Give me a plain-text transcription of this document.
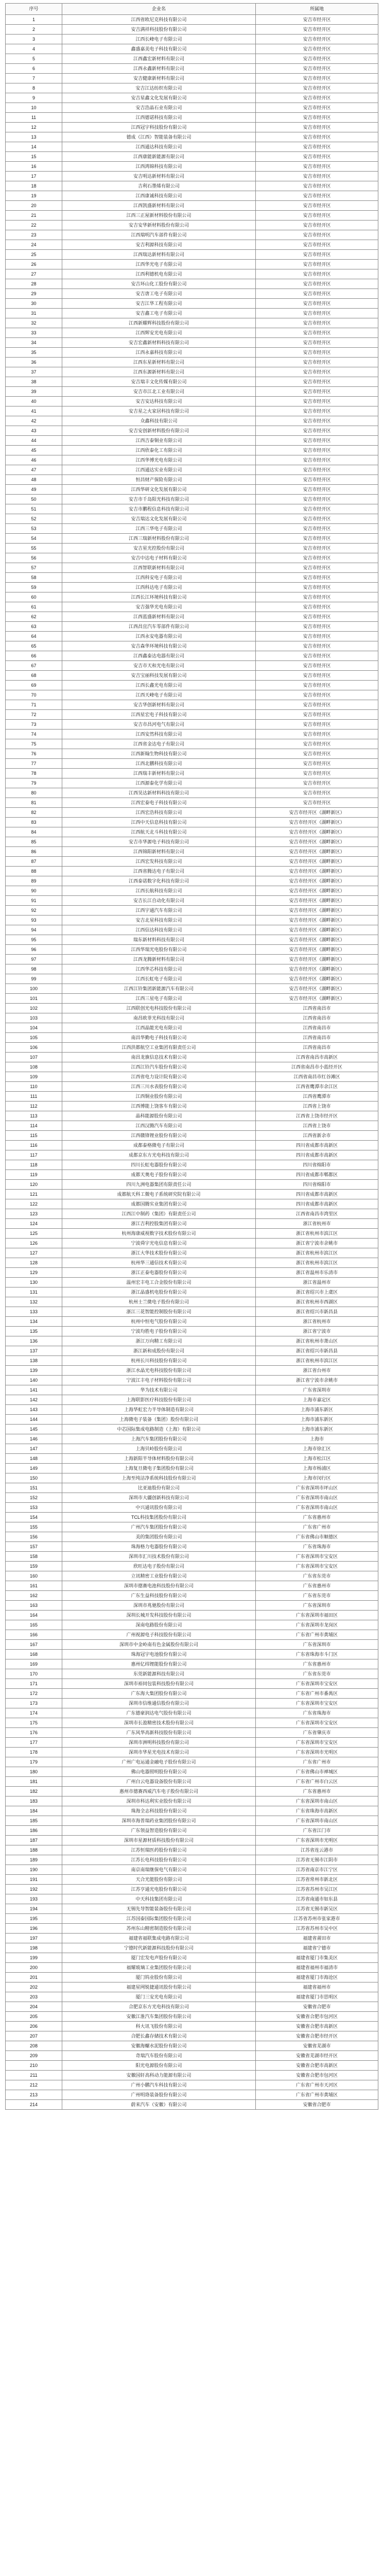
序号	企业名	所属地
1	江西省欧尼克科技有限公司	安吉市经开区
2	安吉满祥科技股份有限公司	安吉市经开区
3	江西长峰电子有限公司	安吉市经开区
4	鑫盛嘉美电子科技有限公司	安吉市经开区
5	江西鑫宏新材料有限公司	安吉市经开区
6	江西永鑫新材料有限公司	安吉市经开区
7	安吉健康新材料有限公司	安吉市经开区
8	安吉江达纺织有限公司	安吉市经开区
9	安吉星鑫文化发展有限公司	安吉市经开区
10	安吉浩晶石业有限公司	安吉市经开区
11	江西德诺科技有限公司	安吉市经开区
12	江西冠宇科技股份有限公司	安吉市经开区
13	德成（江西）智能装备有限公司	安吉市经开区
14	江西通达科技有限公司	安吉市经开区
15	江西康能新能源有限公司	安吉市经开区
16	江西鸿锦科技有限公司	安吉市经开区
17	安吉明达新材料有限公司	安吉市经开区
18	吉利石墨烯有限公司	安吉市经开区
19	江西康诚科技有限公司	安吉市经开区
20	江西凯盛新材料有限公司	安吉市经开区
21	江西三正屋新材料股份有限公司	安吉市经开区
22	安吉安华新材料股份有限公司	安吉市经开区
23	江西瑞明汽车部件有限公司	安吉市经开区
24	安吉利源科技有限公司	安吉市经开区
25	江西瑞达新材料有限公司	安吉市经开区
26	江西华光电子有限公司	安吉市经开区
27	江西利德机电有限公司	安吉市经开区
28	安吉环山化工股份有限公司	安吉市经开区
29	安吉唐工电子有限公司	安吉市经开区
30	安吉江华工程有限公司	安吉市经开区
31	安吉鑫工电子有限公司	安吉市经开区
32	江西新耀辉科技股份有限公司	安吉市经开区
33	江西辉安光电有限公司	安吉市经开区
34	安吉宏鑫新材料科技有限公司	安吉市经开区
35	江西永嘉科技有限公司	安吉市经开区
36	江西东星新材料有限公司	安吉市经开区
37	江西东源新材料有限公司	安吉市经开区
38	安吉瑞丰文化传媒有限公司	安吉市经开区
39	安吉市江北工业有限公司	安吉市经开区
40	安吉安达科技有限公司	安吉市经开区
41	安吉星之火家居科技有限公司	安吉市经开区
42	众鑫科技有限公司	安吉市经开区
43	安吉安创新材料股份有限公司	安吉市经开区
44	江西吉泰铜业有限公司	安吉市经开区
45	江西欣泰化工有限公司	安吉市经开区
46	江西华博光电有限公司	安吉市经开区
47	江西通达实业有限公司	安吉市经开区
48	恒昌财产保险有限公司	安吉市经开区
49	江西华研文化发展有限公司	安吉市经开区
50	安吉市千岛阳光科技有限公司	安吉市经开区
51	安吉市鹏程信息科技有限公司	安吉市经开区
52	安吉瑞达文化发展有限公司	安吉市经开区
53	江西三华电子有限公司	安吉市经开区
54	江西三瑞新材料股份有限公司	安吉市经开区
55	安吉星光控股份有限公司	安吉市经开区
56	安吉中达电子材料有限公司	安吉市经开区
57	江西智联新材料有限公司	安吉市经开区
58	江西科安电子有限公司	安吉市经开区
59	江西科达电子有限公司	安吉市经开区
60	江西长江环境科技有限公司	安吉市经开区
61	安吉强华光电有限公司	安吉市经开区
62	江西蓝盛新材料有限公司	安吉市经开区
63	江西昌宜汽车零部件有限公司	安吉市经开区
64	江西永安电器有限公司	安吉市经开区
65	安吉森华环境科技有限公司	安吉市经开区
66	江西鑫泰达电器有限公司	安吉市经开区
67	安吉市天和光电有限公司	安吉市经开区
68	安吉宝丽科技发展有限公司	安吉市经开区
69	江西长鑫光电有限公司	安吉市经开区
70	江西天峰电子有限公司	安吉市经开区
71	安吉华创新材料有限公司	安吉市经开区
72	江西星宏电子科技有限公司	安吉市经开区
73	安吉市昌河电气有限公司	安吉市经开区
74	江西安然科技有限公司	安吉市经开区
75	江西省金达电子有限公司	安吉市经开区
76	江西新翰生物科技有限公司	安吉市经开区
77	江西北鹏科技有限公司	安吉市经开区
78	江西瑞丰新材料有限公司	安吉市经开区
79	江西源泰化学有限公司	安吉市经开区
80	江西昊达新材料科技有限公司	安吉市经开区
81	江西宏泰电子科技有限公司	安吉市经开区
82	江西宏浩科技有限公司	安吉市经开区（湖畔新区）
83	江西中天信息科技有限公司	安吉市经开区（湖畔新区）
84	江西航天北斗科技有限公司	安吉市经开区（湖畔新区）
85	安吉市华源电子科技有限公司	安吉市经开区（湖畔新区）
86	江西锦阳新材料有限公司	安吉市经开区（湖畔新区）
87	江西宏发科技有限公司	安吉市经开区（湖畔新区）
88	江西省腾达电子有限公司	安吉市经开区（湖畔新区）
89	江西泰诺数字化科技有限公司	安吉市经开区（湖畔新区）
90	江西长航科技有限公司	安吉市经开区（湖畔新区）
91	安吉长江自动化有限公司	安吉市经开区（湖畔新区）
92	江西宇通汽车有限公司	安吉市经开区（湖畔新区）
93	安吉北星科技有限公司	安吉市经开区（湖畔新区）
94	江西信达科技有限公司	安吉市经开区（湖畔新区）
95	瑞东新材料科技有限公司	安吉市经开区（湖畔新区）
96	江西华瑞光电股份有限公司	安吉市经开区（湖畔新区）
97	江西龙腾新材料有限公司	安吉市经开区（湖畔新区）
98	江西华芯科技有限公司	安吉市经开区（湖畔新区）
99	江西长虹电子有限公司	安吉市经开区（湖畔新区）
100	江西江铃集团新能源汽车有限公司	安吉市经开区（湖畔新区）
101	江西三星电子有限公司	安吉市经开区（湖畔新区）
102	江西联创光电科技股份有限公司	江西省南昌市
103	南昌欧菲光科技有限公司	江西省南昌市
104	江西晶能光电有限公司	江西省南昌市
105	南昌华勤电子科技有限公司	江西省南昌市
106	江西洪都航空工业集团有限责任公司	江西省南昌市
107	南昌龙旗信息技术有限公司	江西省南昌市高新区
108	江西江铃汽车股份有限公司	江西省南昌市小蓝经开区
109	江西省电力设计院有限公司	江西省南昌市红谷滩区
110	江西三川水表股份有限公司	江西省鹰潭市余江区
111	江西铜业股份有限公司	江西省鹰潭市
112	江西博能上饶客车有限公司	江西省上饶市
113	晶科能源股份有限公司	江西省上饶市经开区
114	江西汉腾汽车有限公司	江西省上饶市
115	江西赣锋锂业股份有限公司	江西省新余市
116	成都泰格微电子有限公司	四川省成都市高新区
117	成都京东方光电科技有限公司	四川省成都市高新区
118	四川长虹电器股份有限公司	四川省绵阳市
119	成都天奥电子股份有限公司	四川省成都市郫都区
120	四川九洲电器集团有限责任公司	四川省绵阳市
121	成都航天科工微电子系统研究院有限公司	四川省成都市高新区
122	成都国腾实业集团有限公司	四川省成都市高新区
123	江西江中制药（集团）有限责任公司	江西省南昌市湾里区
124	浙江吉利控股集团有限公司	浙江省杭州市
125	杭州海康威视数字技术股份有限公司	浙江省杭州市滨江区
126	宁波舜宇光电信息有限公司	浙江省宁波市余姚市
127	浙江大华技术股份有限公司	浙江省杭州市滨江区
128	杭州华三通信技术有限公司	浙江省杭州市滨江区
129	浙江正泰电器股份有限公司	浙江省温州市乐清市
130	温州宏丰电工合金股份有限公司	浙江省温州市
131	浙江晶盛机电股份有限公司	浙江省绍兴市上虞区
132	杭州士兰微电子股份有限公司	浙江省杭州市西湖区
133	浙江三花智能控制股份有限公司	浙江省绍兴市新昌县
134	杭州中恒电气股份有限公司	浙江省杭州市
135	宁波均胜电子股份有限公司	浙江省宁波市
136	浙江万向精工有限公司	浙江省杭州市萧山区
137	浙江新和成股份有限公司	浙江省绍兴市新昌县
138	杭州长川科技股份有限公司	浙江省杭州市滨江区
139	浙江水晶光电科技股份有限公司	浙江省台州市
140	宁波江丰电子材料股份有限公司	浙江省宁波市余姚市
141	华为技术有限公司	广东省深圳市
142	上海联影医疗科技股份有限公司	上海市嘉定区
143	上海华虹宏力半导体制造有限公司	上海市浦东新区
144	上海微电子装备（集团）股份有限公司	上海市浦东新区
145	中芯国际集成电路制造（上海）有限公司	上海市浦东新区
146	上海汽车集团股份有限公司	上海市
147	上海贝岭股份有限公司	上海市徐汇区
148	上海新阳半导体材料股份有限公司	上海市松江区
149	上海复旦微电子集团股份有限公司	上海市杨浦区
150	上海至纯洁净系统科技股份有限公司	上海市闵行区
151	比亚迪股份有限公司	广东省深圳市坪山区
152	深圳市大疆创新科技有限公司	广东省深圳市南山区
153	中兴通讯股份有限公司	广东省深圳市南山区
154	TCL科技集团股份有限公司	广东省惠州市
155	广州汽车集团股份有限公司	广东省广州市
156	美的集团股份有限公司	广东省佛山市顺德区
157	珠海格力电器股份有限公司	广东省珠海市
158	深圳市汇川技术股份有限公司	广东省深圳市宝安区
159	欣旺达电子股份有限公司	广东省深圳市宝安区
160	立讯精密工业股份有限公司	广东省东莞市
161	深圳市德赛电池科技股份有限公司	广东省惠州市
162	广东生益科技股份有限公司	广东省东莞市
163	深圳市兆驰股份有限公司	广东省深圳市
164	深圳长城开发科技股份有限公司	广东省深圳市福田区
165	深南电路股份有限公司	广东省深圳市龙岗区
166	广州视源电子科技股份有限公司	广东省广州市黄埔区
167	深圳市中金岭南有色金属股份有限公司	广东省深圳市
168	珠海冠宇电池股份有限公司	广东省珠海市斗门区
169	惠州亿纬锂能股份有限公司	广东省惠州市
170	东莞新能源科技有限公司	广东省东莞市
171	深圳市裕同包装科技股份有限公司	广东省深圳市宝安区
172	广东海大集团股份有限公司	广东省广州市番禺区
173	深圳市信维通信股份有限公司	广东省深圳市宝安区
174	广东德豪润达电气股份有限公司	广东省珠海市
175	深圳市长盈精密技术股份有限公司	广东省深圳市宝安区
176	广东风华高新科技股份有限公司	广东省肇庆市
177	深圳市洲明科技股份有限公司	广东省深圳市宝安区
178	深圳市华星光电技术有限公司	广东省深圳市光明区
179	广州广电运通金融电子股份有限公司	广东省广州市
180	佛山电器照明股份有限公司	广东省佛山市禅城区
181	广州白云电器设备股份有限公司	广东省广州市白云区
182	惠州市德赛西威汽车电子股份有限公司	广东省惠州市
183	深圳市科达利实业股份有限公司	广东省深圳市南山区
184	珠海全志科技股份有限公司	广东省珠海市高新区
185	深圳市海普瑞药业集团股份有限公司	广东省深圳市南山区
186	广东领益智造股份有限公司	广东省江门市
187	深圳市星源材质科技股份有限公司	广东省深圳市光明区
188	江苏恒瑞医药股份有限公司	江苏省连云港市
189	江苏长电科技股份有限公司	江苏省无锡市江阴市
190	南京南瑞继保电气有限公司	江苏省南京市江宁区
191	天合光能股份有限公司	江苏省常州市新北区
192	江苏亨通光电股份有限公司	江苏省苏州市吴江区
193	中天科技集团有限公司	江苏省南通市如东县
194	无锡先导智能装备股份有限公司	江苏省无锡市新吴区
195	江苏国泰国际集团股份有限公司	江苏省苏州市张家港市
196	苏州东山精密制造股份有限公司	江苏省苏州市吴中区
197	福建省福联集成电路有限公司	福建省莆田市
198	宁德时代新能源科技股份有限公司	福建省宁德市
199	厦门宏发电声股份有限公司	福建省厦门市集美区
200	福耀玻璃工业集团股份有限公司	福建省福州市福清市
201	厦门钨业股份有限公司	福建省厦门市海沧区
202	福建星网锐捷通讯股份有限公司	福建省福州市
203	厦门三安光电有限公司	福建省厦门市思明区
204	合肥京东方光电科技有限公司	安徽省合肥市
205	安徽江淮汽车集团股份有限公司	安徽省合肥市包河区
206	科大讯飞股份有限公司	安徽省合肥市高新区
207	合肥长鑫存储技术有限公司	安徽省合肥市经开区
208	安徽海螺水泥股份有限公司	安徽省芜湖市
209	奇瑞汽车股份有限公司	安徽省芜湖市经开区
210	阳光电源股份有限公司	安徽省合肥市高新区
211	安徽国轩高科动力能源有限公司	安徽省合肥市包河区
212	广州小鹏汽车科技有限公司	广东省广州市天河区
213	广州明珞装备股份有限公司	广东省广州市黄埔区
214	蔚来汽车（安徽）有限公司	安徽省合肥市
